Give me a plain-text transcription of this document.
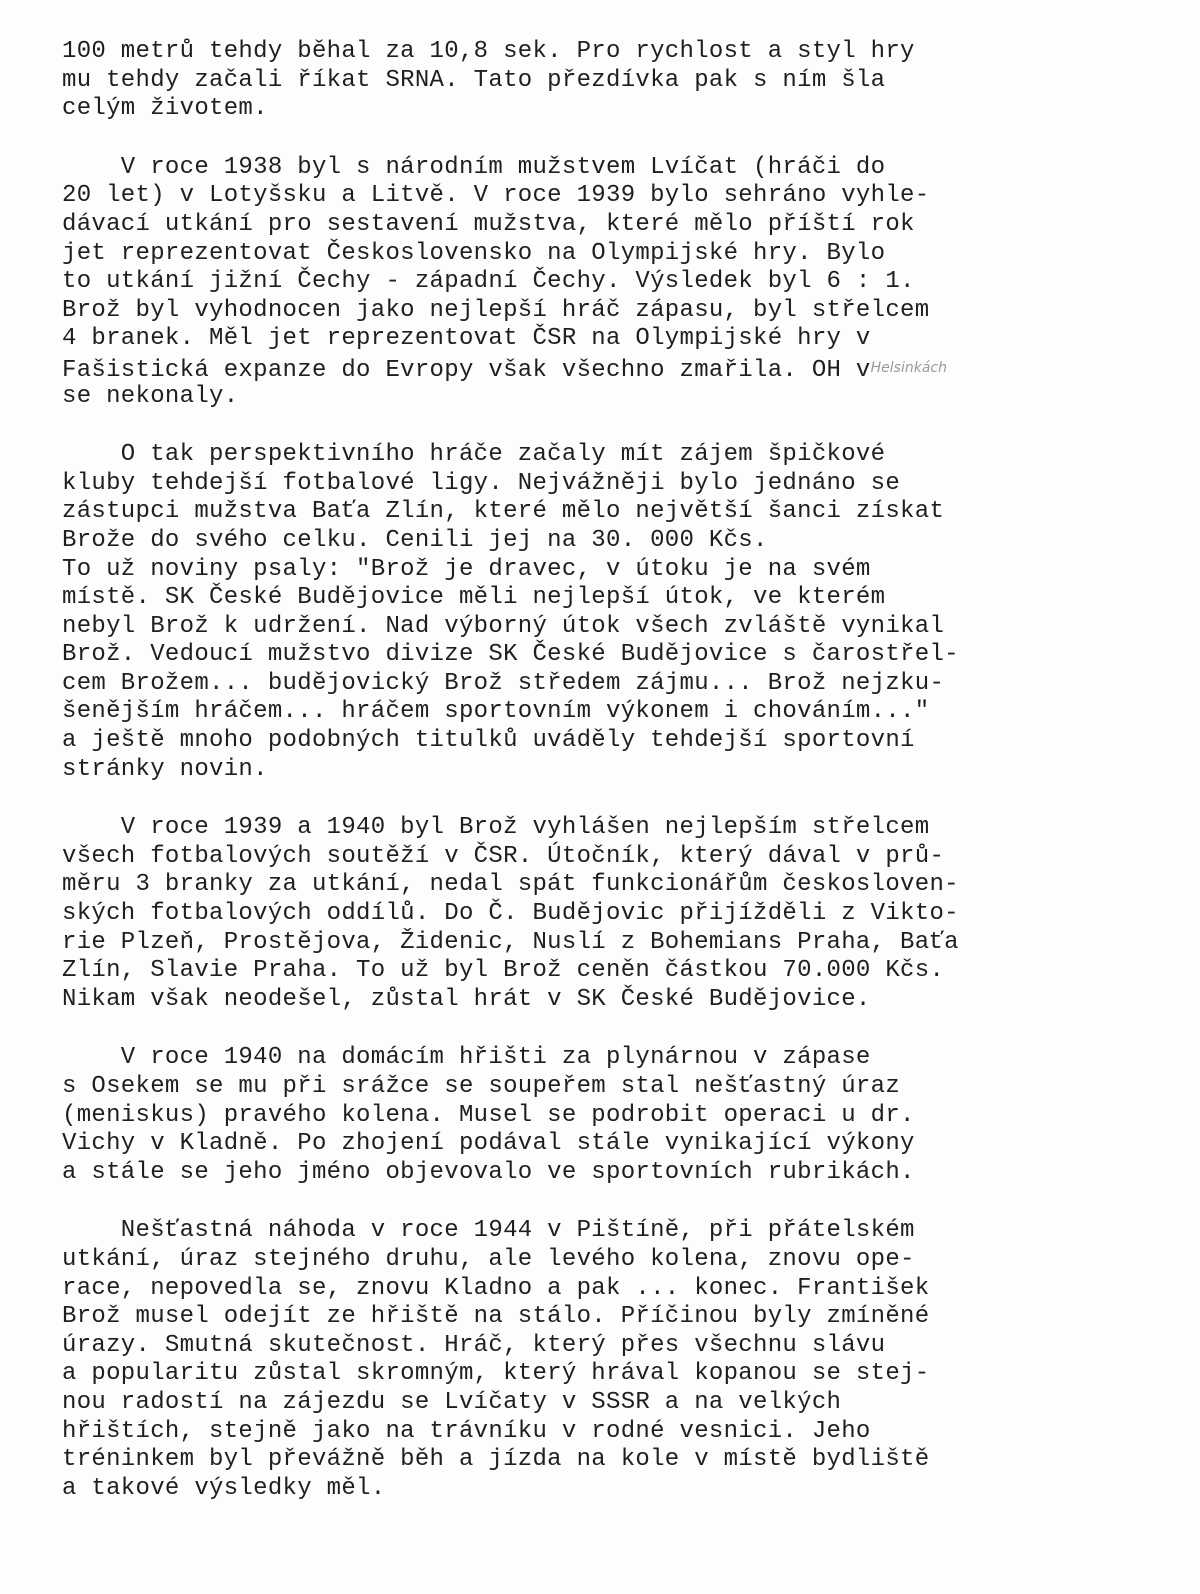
100 metrů tehdy běhal za 10,8 sek. Pro rychlost a styl hry
mu tehdy začali říkat SRNA. Tato přezdívka pak s ním šla
celým životem.
V roce 1938 byl s národním mužstvem Lvíčat (hráči do
20 let) v Lotyšsku a Litvě. V roce 1939 bylo sehráno vyhle-
dávací utkání pro sestavení mužstva, které mělo příští rok
jet reprezentovat Československo na Olympijské hry. Bylo
to utkání jižní Čechy - západní Čechy. Výsledek byl 6 : 1.
Brož byl vyhodnocen jako nejlepší hráč zápasu, byl střelcem
4 branek. Měl jet reprezentovat ČSR na Olympijské hry v
Fašistická expanze do Evropy však všechno zmařila. OH vHelsinkách
se nekonaly.
O tak perspektivního hráče začaly mít zájem špičkové
kluby tehdejší fotbalové ligy. Nejvážněji bylo jednáno se
zástupci mužstva Baťa Zlín, které mělo největší šanci získat
Brože do svého celku. Cenili jej na 30. 000 Kčs.
To už noviny psaly: "Brož je dravec, v útoku je na svém
místě. SK České Budějovice měli nejlepší útok, ve kterém
nebyl Brož k udržení. Nad výborný útok všech zvláště vynikal
Brož. Vedoucí mužstvo divize SK České Budějovice s čarostřel-
cem Brožem... budějovický Brož středem zájmu... Brož nejzku-
šenějším hráčem... hráčem sportovním výkonem i chováním..."
a ještě mnoho podobných titulků uváděly tehdejší sportovní
stránky novin.
V roce 1939 a 1940 byl Brož vyhlášen nejlepším střelcem
všech fotbalových soutěží v ČSR. Útočník, který dával v prů-
měru 3 branky za utkání, nedal spát funkcionářům českosloven-
ských fotbalových oddílů. Do Č. Budějovic přijížděli z Vikto-
rie Plzeň, Prostějova, Židenic, Nuslí z Bohemians Praha, Baťa
Zlín, Slavie Praha. To už byl Brož ceněn částkou 70.000 Kčs.
Nikam však neodešel, zůstal hrát v SK České Budějovice.
V roce 1940 na domácím hřišti za plynárnou v zápase
s Osekem se mu při srážce se soupeřem stal nešťastný úraz
(meniskus) pravého kolena. Musel se podrobit operaci u dr.
Vichy v Kladně. Po zhojení podával stále vynikající výkony
a stále se jeho jméno objevovalo ve sportovních rubrikách.
Nešťastná náhoda v roce 1944 v Pištíně, při přátelském
utkání, úraz stejného druhu, ale levého kolena, znovu ope-
race, nepovedla se, znovu Kladno a pak ... konec. František
Brož musel odejít ze hřiště na stálo. Příčinou byly zmíněné
úrazy. Smutná skutečnost. Hráč, který přes všechnu slávu
a popularitu zůstal skromným, který hrával kopanou se stej-
nou radostí na zájezdu se Lvíčaty v SSSR a na velkých
hřištích, stejně jako na trávníku v rodné vesnici. Jeho
tréninkem byl převážně běh a jízda na kole v místě bydliště
a takové výsledky měl.
